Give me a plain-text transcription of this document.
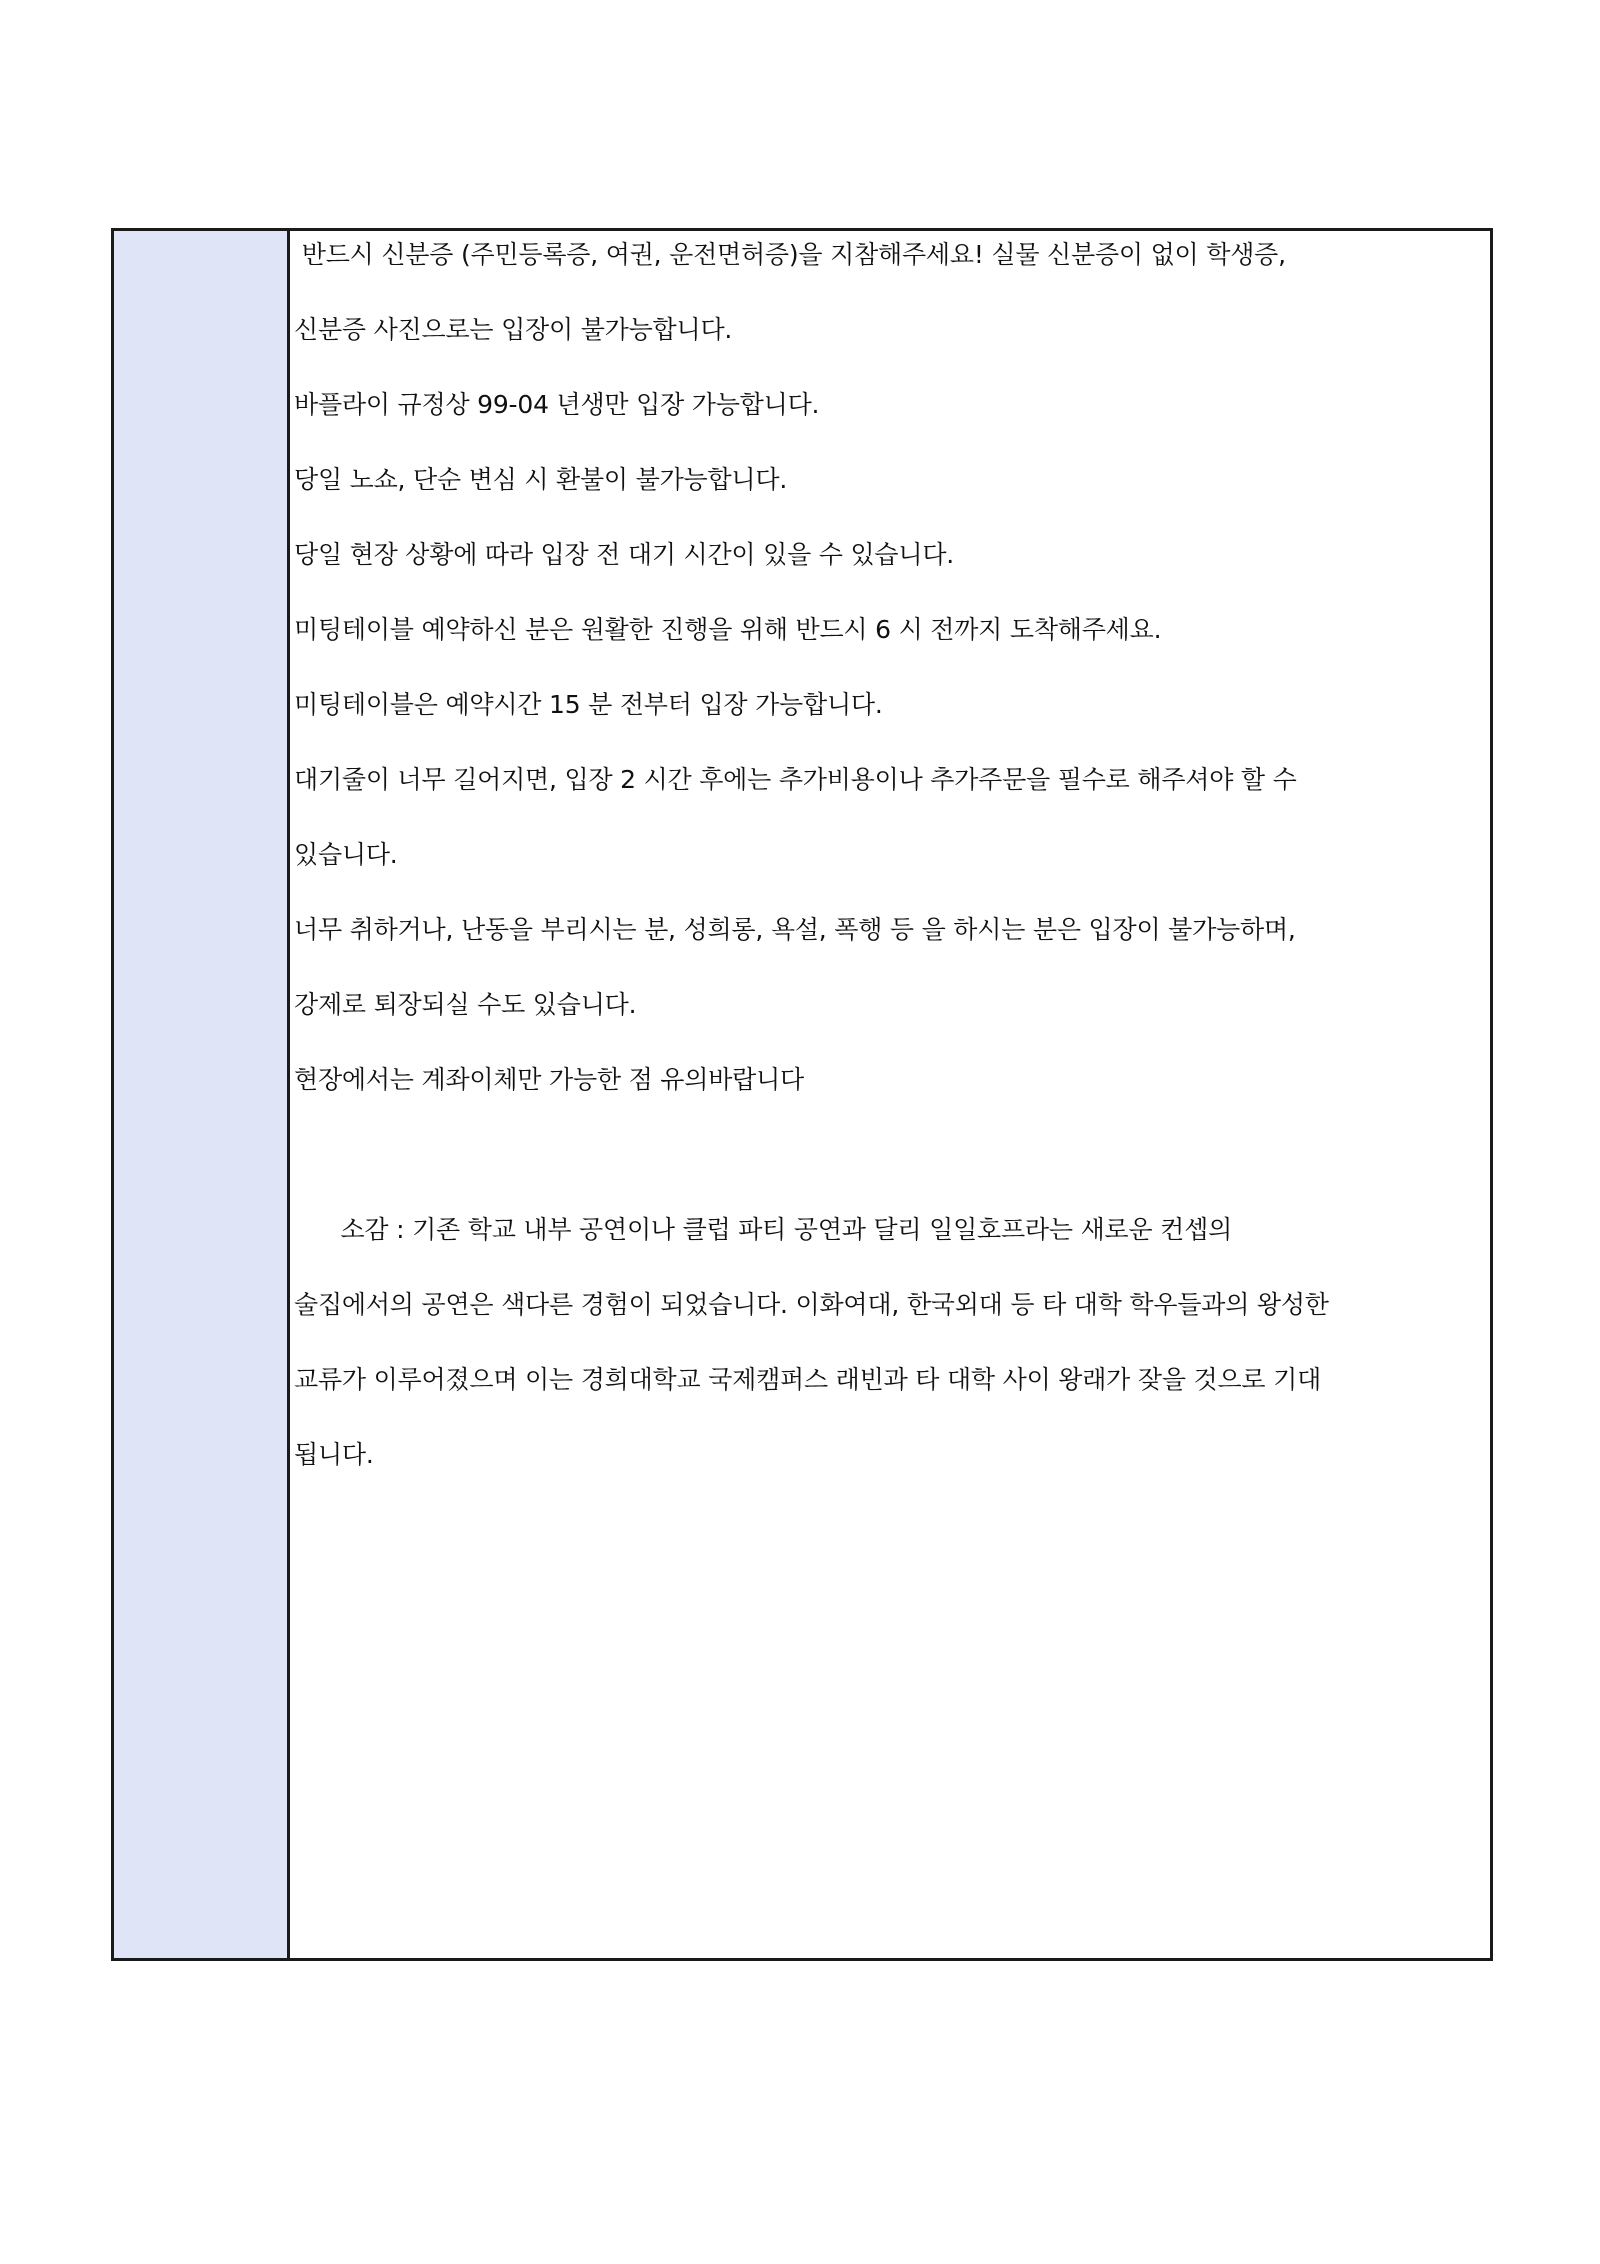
반드시 신분증 (주민등록증, 여권, 운전면허증)을 지참해주세요! 실물 신분증이 없이 학생증,

신분증 사진으로는 입장이 불가능합니다.

바플라이 규정상 99-04 년생만 입장 가능합니다.

당일 노쇼, 단순 변심 시 환불이 불가능합니다.

당일 현장 상황에 따라 입장 전 대기 시간이 있을 수 있습니다.

미팅테이블 예약하신 분은 원활한 진행을 위해 반드시 6 시 전까지 도착해주세요.

미팅테이블은 예약시간 15 분 전부터 입장 가능합니다.

대기줄이 너무 길어지면, 입장 2 시간 후에는 추가비용이나 추가주문을 필수로 해주셔야 할 수

있습니다.

너무 취하거나, 난동을 부리시는 분, 성희롱, 욕설, 폭행 등 을 하시는 분은 입장이 불가능하며,

강제로 퇴장되실 수도 있습니다.

현장에서는 계좌이체만 가능한 점 유의바랍니다

소감 : 기존 학교 내부 공연이나 클럽 파티 공연과 달리 일일호프라는 새로운 컨셉의

술집에서의 공연은 색다른 경험이 되었습니다. 이화여대, 한국외대 등 타 대학 학우들과의 왕성한

교류가 이루어졌으며 이는 경희대학교 국제캠퍼스 래빈과 타 대학 사이 왕래가 잦을 것으로 기대

됩니다.
